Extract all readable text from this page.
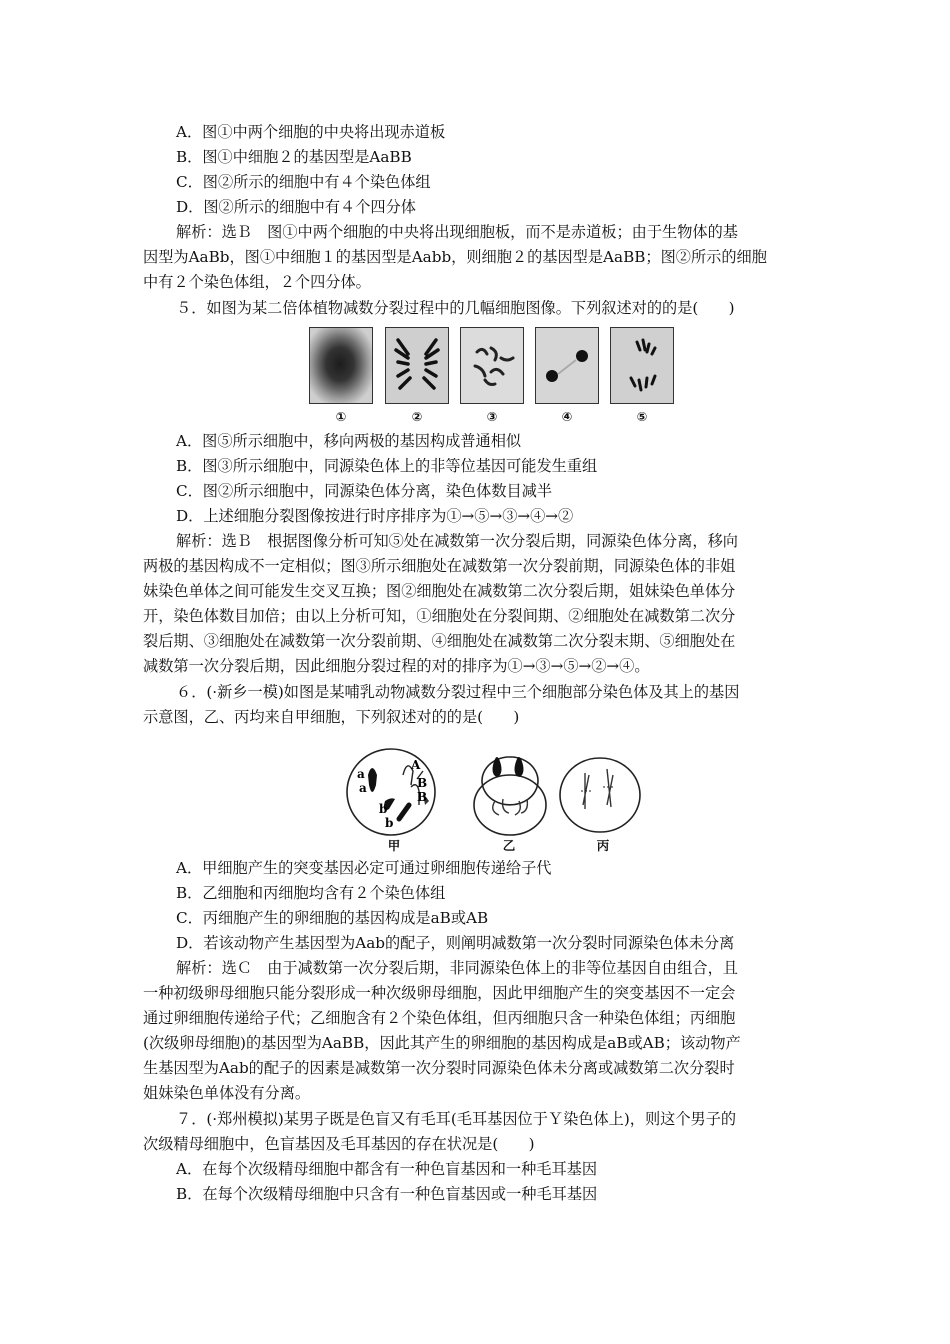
A．图①中两个细胞的中央将出现赤道板
B．图①中细胞２的基因型是AaBB
C．图②所示的细胞中有４个染色体组
D．图②所示的细胞中有４个四分体
解析：选Ｂ　图①中两个细胞的中央将出现细胞板，而不是赤道板；由于生物体的基
因型为AaBb，图①中细胞１的基因型是Aabb，则细胞２的基因型是AaBB；图②所示的细胞
中有２个染色体组，２个四分体。
５．如图为某二倍体植物减数分裂过程中的几幅细胞图像。下列叙述对的的是(　　)
①	②	③	④	⑤
A．图⑤所示细胞中，移向两极的基因构成普通相似
B．图③所示细胞中，同源染色体上的非等位基因可能发生重组
C．图②所示细胞中，同源染色体分离，染色体数目减半
D．上述细胞分裂图像按进行时序排序为①→⑤→③→④→②
解析：选Ｂ　根据图像分析可知⑤处在减数第一次分裂后期，同源染色体分离，移向
两极的基因构成不一定相似；图③所示细胞处在减数第一次分裂前期，同源染色体的非姐
妹染色单体之间可能发生交叉互换；图②细胞处在减数第二次分裂后期，姐妹染色单体分
开，染色体数目加倍；由以上分析可知，①细胞处在分裂间期、②细胞处在减数第二次分
裂后期、③细胞处在减数第一次分裂前期、④细胞处在减数第二次分裂末期、⑤细胞处在
减数第一次分裂后期，因此细胞分裂过程的对的排序为①→③→⑤→②→④。
６．(·新乡一模)如图是某哺乳动物减数分裂过程中三个细胞部分染色体及其上的基因
示意图，乙、丙均来自甲细胞，下列叙述对的的是(　　)
a
A
a	B
B
b
b
甲	乙	丙
A．甲细胞产生的突变基因必定可通过卵细胞传递给子代
B．乙细胞和丙细胞均含有２个染色体组
C．丙细胞产生的卵细胞的基因构成是aB或AB
D．若该动物产生基因型为Aab的配子，则阐明减数第一次分裂时同源染色体未分离
解析：选Ｃ　由于减数第一次分裂后期，非同源染色体上的非等位基因自由组合，且
一种初级卵母细胞只能分裂形成一种次级卵母细胞，因此甲细胞产生的突变基因不一定会
通过卵细胞传递给子代；乙细胞含有２个染色体组，但丙细胞只含一种染色体组；丙细胞
(次级卵母细胞)的基因型为AaBB，因此其产生的卵细胞的基因构成是aB或AB；该动物产
生基因型为Aab的配子的因素是减数第一次分裂时同源染色体未分离或减数第二次分裂时
姐妹染色单体没有分离。
７．(·郑州模拟)某男子既是色盲又有毛耳(毛耳基因位于Ｙ染色体上)，则这个男子的
次级精母细胞中，色盲基因及毛耳基因的存在状况是(　　)
A．在每个次级精母细胞中都含有一种色盲基因和一种毛耳基因
B．在每个次级精母细胞中只含有一种色盲基因或一种毛耳基因
